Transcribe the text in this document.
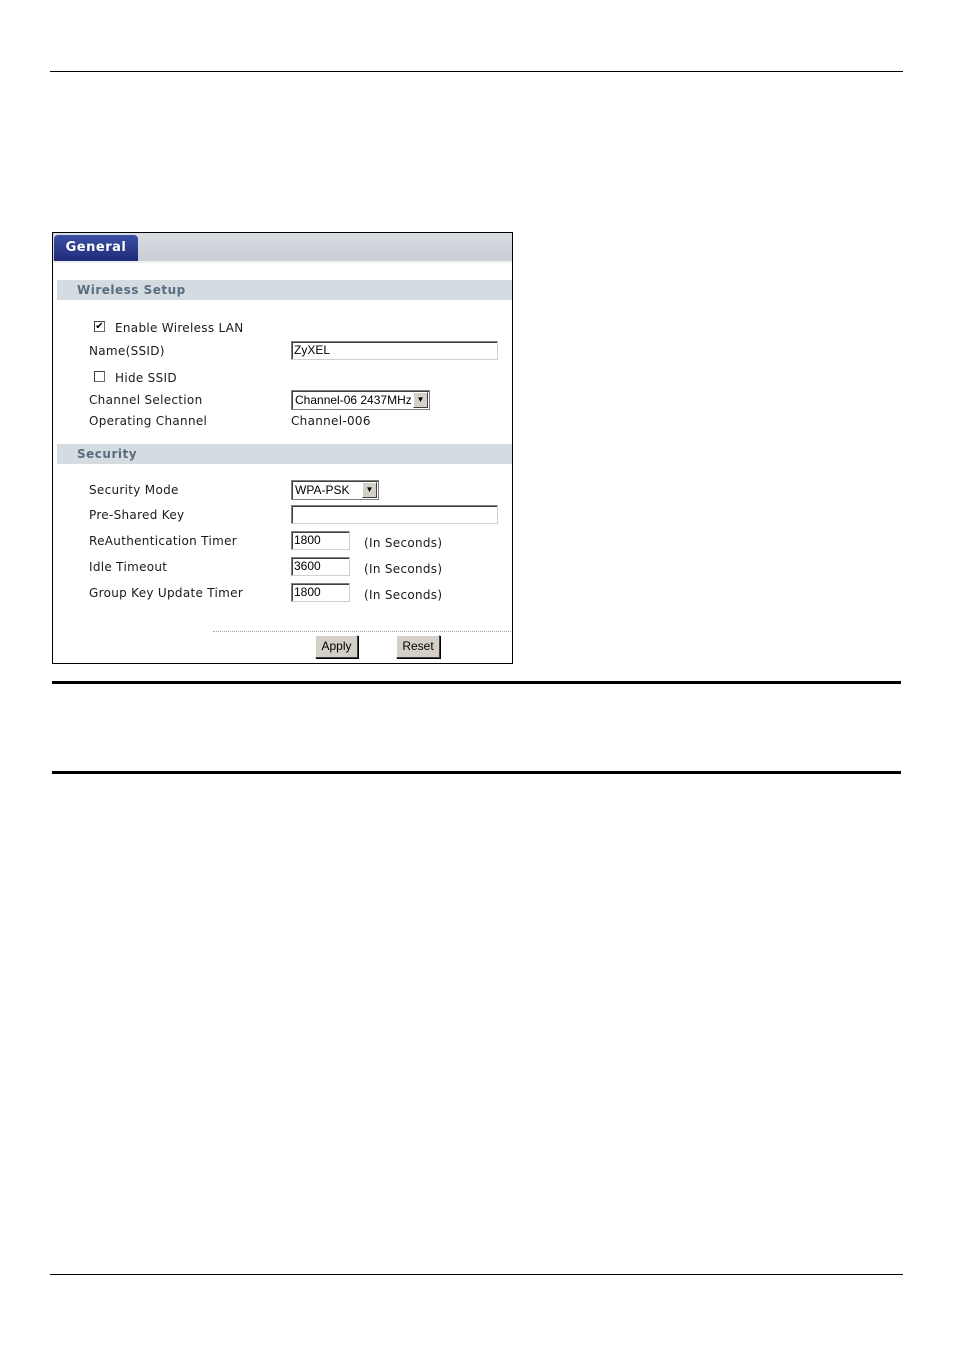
General
Wireless Setup
✔ Enable Wireless LAN
Name(SSID)	ZyXEL
Hide SSID
Channel Selection	Channel-06 2437MHz ▼
Operating Channel	Channel-006
Security
Security Mode	WPA-PSK	▼
Pre-Shared Key
ReAuthentication Timer	1800	(In Seconds)
Idle Timeout	3600	(In Seconds)
Group Key Update Timer	1800	(In Seconds)
Apply	Reset
